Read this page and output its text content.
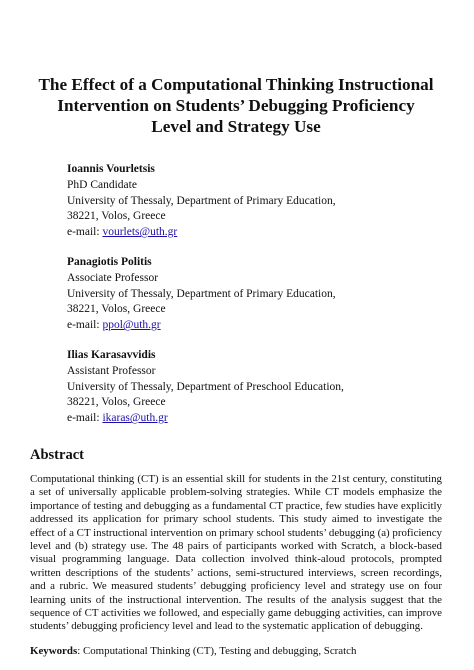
The Effect of a Computational Thinking Instructional
Intervention on Students’ Debugging Proficiency
Level and Strategy Use
Ioannis Vourletsis
PhD Candidate
University of Thessaly, Department of Primary Education,
38221, Volos, Greece
e-mail: vourlets@uth.gr
Panagiotis Politis
Associate Professor
University of Thessaly, Department of Primary Education,
38221, Volos, Greece
e-mail: ppol@uth.gr
Ilias Karasavvidis
Assistant Professor
University of Thessaly, Department of Preschool Education,
38221, Volos, Greece
e-mail: ikaras@uth.gr
Abstract

Computational thinking (CT) is an essential skill for students in the 21st century, constituting a set of universally applicable problem-solving strategies. While CT models emphasize the importance of testing and debugging as a fundamental CT practice, few studies have explicitly addressed its application for primary school students. This study aimed to investigate the effect of a CT instructional intervention on primary school students’ debugging (a) proficiency level and (b) strategy use. The 48 pairs of participants worked with Scratch, a block-based visual programming language. Data collection involved think-aloud protocols, prompted written descriptions of the students’ actions, semi-structured interviews, screen recordings, and a rubric. We measured students’ debugging proficiency level and strategy use on four learning units of the instructional intervention. The results of the analysis suggest that the sequence of CT activities we followed, and especially game debugging activities, can improve students’ debugging proficiency level and lead to the systematic application of debugging.

Keywords: Computational Thinking (CT), Testing and debugging, Scratch
